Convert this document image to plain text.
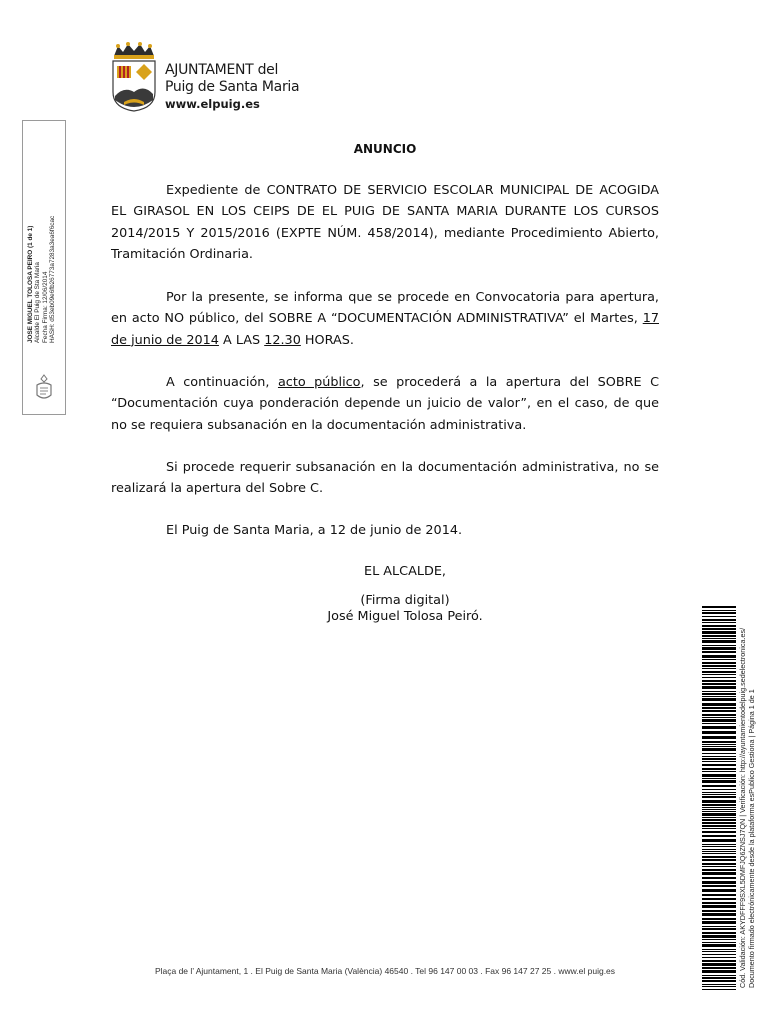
AJUNTAMENT del
Puig de Santa Maria
www.elpuig.es
JOSE MIGUEL TOLOSA PEIRO (1 de 1) Alcalde El Puig de Sta Maria Fecha Firma: 12/06/2014 HASH: d53eb09e6fb26773a7283a3ea6f6cac
ANUNCIO
Expediente de CONTRATO DE SERVICIO ESCOLAR MUNICIPAL DE ACOGIDA EL GIRASOL EN LOS CEIPS DE EL PUIG DE SANTA MARIA DURANTE LOS CURSOS 2014/2015 Y 2015/2016 (EXPTE NÚM. 458/2014), mediante Procedimiento Abierto, Tramitación Ordinaria.
Por la presente, se informa que se procede en Convocatoria para apertura, en acto NO público, del SOBRE A “DOCUMENTACIÓN ADMINISTRATIVA” el Martes, 17 de junio de 2014 A LAS 12.30 HORAS.
A continuación, acto público, se procederá a la apertura del SOBRE C “Documentación cuya ponderación depende un juicio de valor”, en el caso, de que no se requiera subsanación en la documentación administrativa.
Si procede requerir subsanación en la documentación administrativa, no se realizará la apertura del Sobre C.
El Puig de Santa Maria, a 12 de junio de 2014.
EL ALCALDE,
(Firma digital)
José Miguel Tolosa Peiró.
Plaça de l’ Ajuntament, 1 . El Puig de Santa Maria (València) 46540 . Tel 96 147 00 03 . Fax 96 147 27 25 . www.el puig.es	Cód. Validación: AKYDFFF9SXL5DMFJQ6ZNSJ7QN | Verificación: http://ayuntamientodelpuig.sedelectronica.es/ Documento firmado electrónicamente desde la plataforma esPublico Gestiona | Página 1 de 1
